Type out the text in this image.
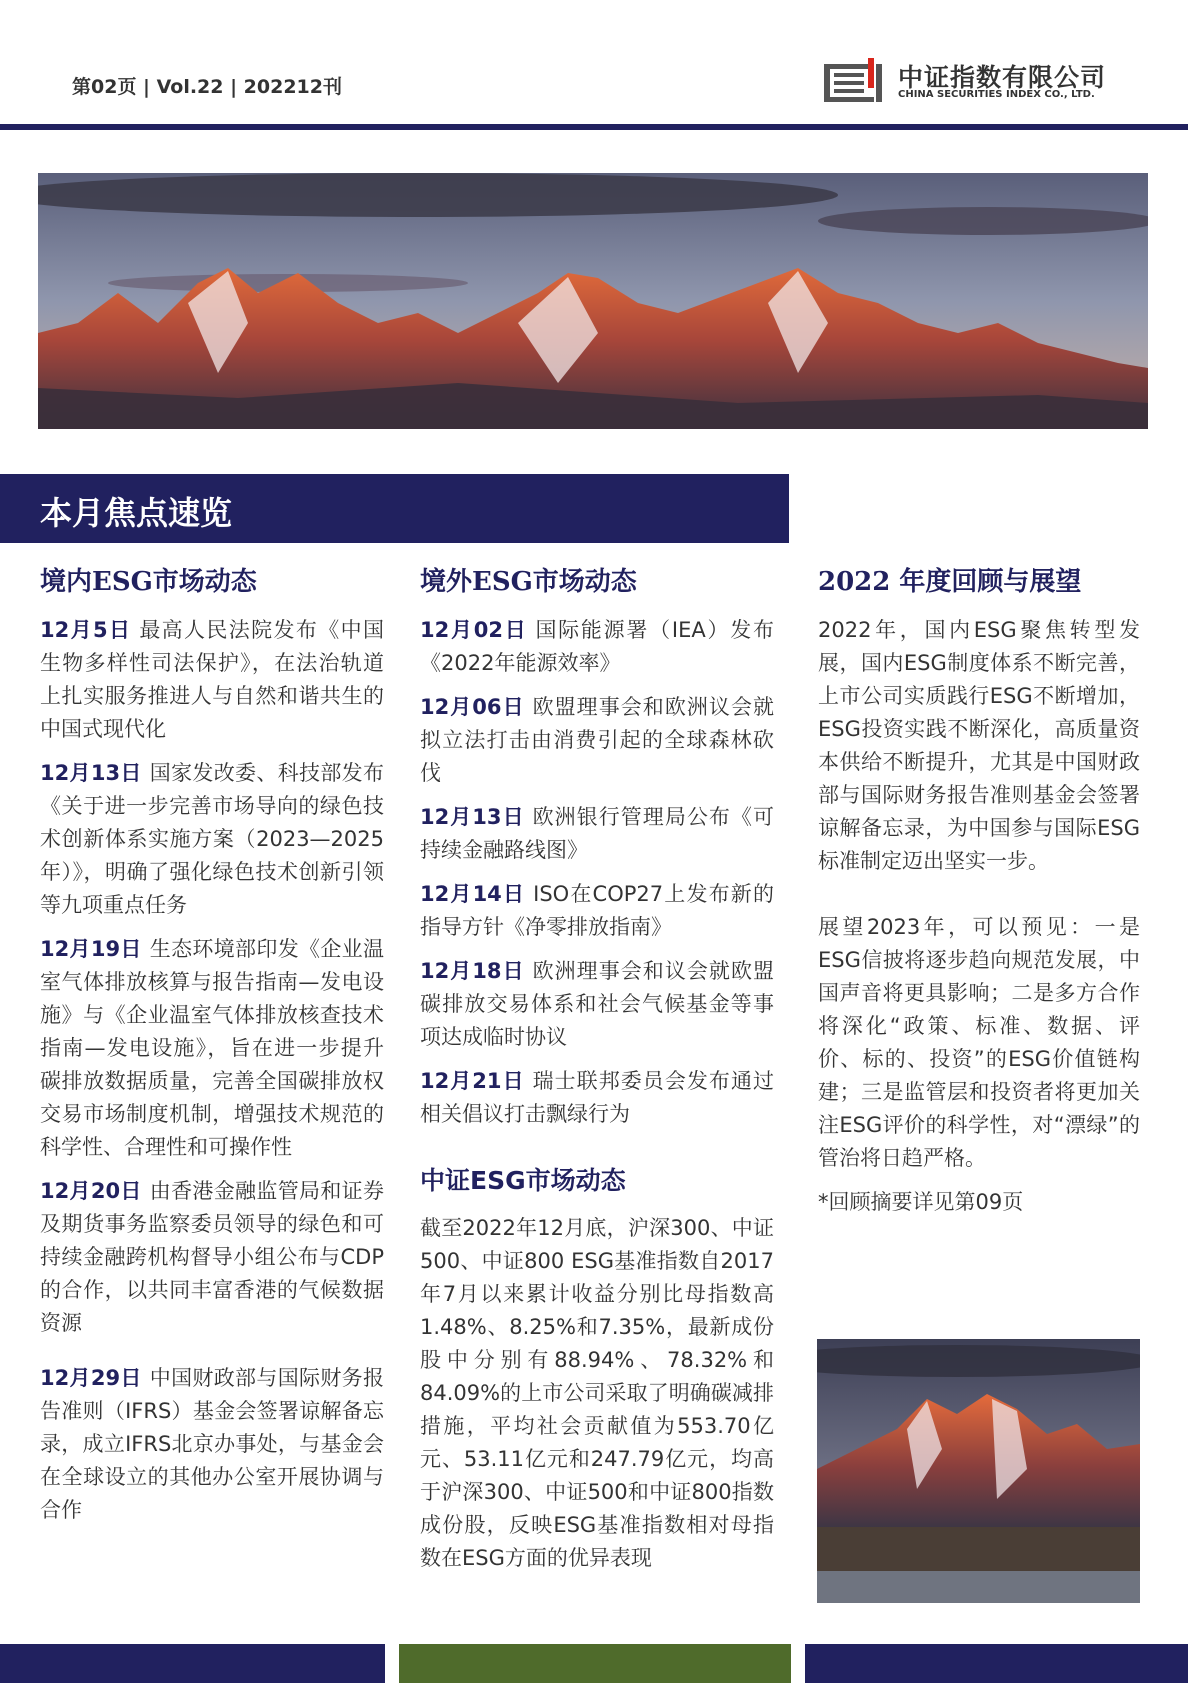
第02页 | Vol.22 | 202212刊	中证指数有限公司
CHINA SECURITIES INDEX CO., LTD.
本月焦点速览
境内ESG市场动态

12月5日 最高人民法院发布《中国生物多样性司法保护》，在法治轨道上扎实服务推进人与自然和谐共生的中国式现代化

12月13日 国家发改委、科技部发布《关于进一步完善市场导向的绿色技术创新体系实施方案（2023—2025年）》，明确了强化绿色技术创新引领等九项重点任务

12月19日 生态环境部印发《企业温室气体排放核算与报告指南—发电设施》与《企业温室气体排放核查技术指南—发电设施》，旨在进一步提升碳排放数据质量，完善全国碳排放权交易市场制度机制，增强技术规范的科学性、合理性和可操作性

12月20日 由香港金融监管局和证券及期货事务监察委员领导的绿色和可持续金融跨机构督导小组公布与CDP的合作，以共同丰富香港的气候数据资源

12月29日 中国财政部与国际财务报告准则（IFRS）基金会签署谅解备忘录，成立IFRS北京办事处，与基金会在全球设立的其他办公室开展协调与合作

境外ESG市场动态

12月02日 国际能源署（IEA）发布《2022年能源效率》

12月06日 欧盟理事会和欧洲议会就拟立法打击由消费引起的全球森林砍伐

12月13日 欧洲银行管理局公布《可持续金融路线图》

12月14日 ISO在COP27上发布新的指导方针《净零排放指南》

12月18日 欧洲理事会和议会就欧盟碳排放交易体系和社会气候基金等事项达成临时协议

12月21日 瑞士联邦委员会发布通过相关倡议打击飘绿行为

中证ESG市场动态

截至2022年12月底，沪深300、中证500、中证800 ESG基准指数自2017年7月以来累计收益分别比母指数高1.48%、8.25%和7.35%，最新成份股中分别有88.94%、78.32%和84.09%的上市公司采取了明确碳减排措施，平均社会贡献值为553.70亿元、53.11亿元和247.79亿元，均高于沪深300、中证500和中证800指数成份股，反映ESG基准指数相对母指数在ESG方面的优异表现

2022 年度回顾与展望

2022年，国内ESG聚焦转型发展，国内ESG制度体系不断完善，上市公司实质践行ESG不断增加，ESG投资实践不断深化，高质量资本供给不断提升，尤其是中国财政部与国际财务报告准则基金会签署谅解备忘录，为中国参与国际ESG标准制定迈出坚实一步。

展望2023年，可以预见：一是ESG信披将逐步趋向规范发展，中国声音将更具影响；二是多方合作将深化“政策、标准、数据、评价、标的、投资”的ESG价值链构建；三是监管层和投资者将更加关注ESG评价的科学性，对“漂绿”的管治将日趋严格。

*回顾摘要详见第09页
